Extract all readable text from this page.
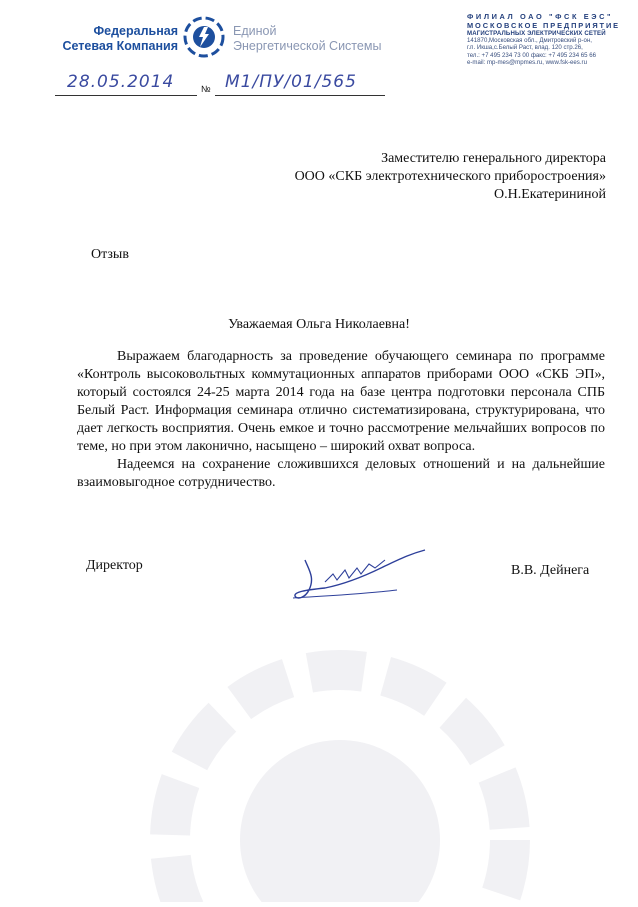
Федеральная
Сетевая Компания
Единой
Энергетической Системы
ФИЛИАЛ ОАО "ФСК ЕЭС"
МОСКОВСКОЕ ПРЕДПРИЯТИЕ
МАГИСТРАЛЬНЫХ ЭЛЕКТРИЧЕСКИХ СЕТЕЙ
141870,Московская обл., Дмитровский р-он,
г.п. Икша,с.Белый Раст, влад. 120 стр.26,
тел.: +7 495 234 73 00 факс: +7 495 234 65 66
e-mail: mp-mes@mpmes.ru, www.fsk-ees.ru
28.05.2014	№ М1/ПУ/01/565
Заместителю генерального директора
ООО «СКБ электротехнического приборостроения»
О.Н.Екатерининой
Отзыв
Уважаемая Ольга Николаевна!

Выражаем благодарность за проведение обучающего семинара по программе «Контроль высоковольтных коммутационных аппаратов приборами ООО «СКБ ЭП», который состоялся 24-25 марта 2014 года на базе центра подготовки персонала СПБ Белый Раст. Информация семинара отлично систематизирована, структурирована, что дает легкость восприятия. Очень емкое и точно рассмотрение мельчайших вопросов по теме, но при этом лаконично, насыщено – широкий охват вопроса.

Надеемся на сохранение сложившихся деловых отношений и на дальнейшие взаимовыгодное сотрудничество.

Директор	В.В. Дейнега
